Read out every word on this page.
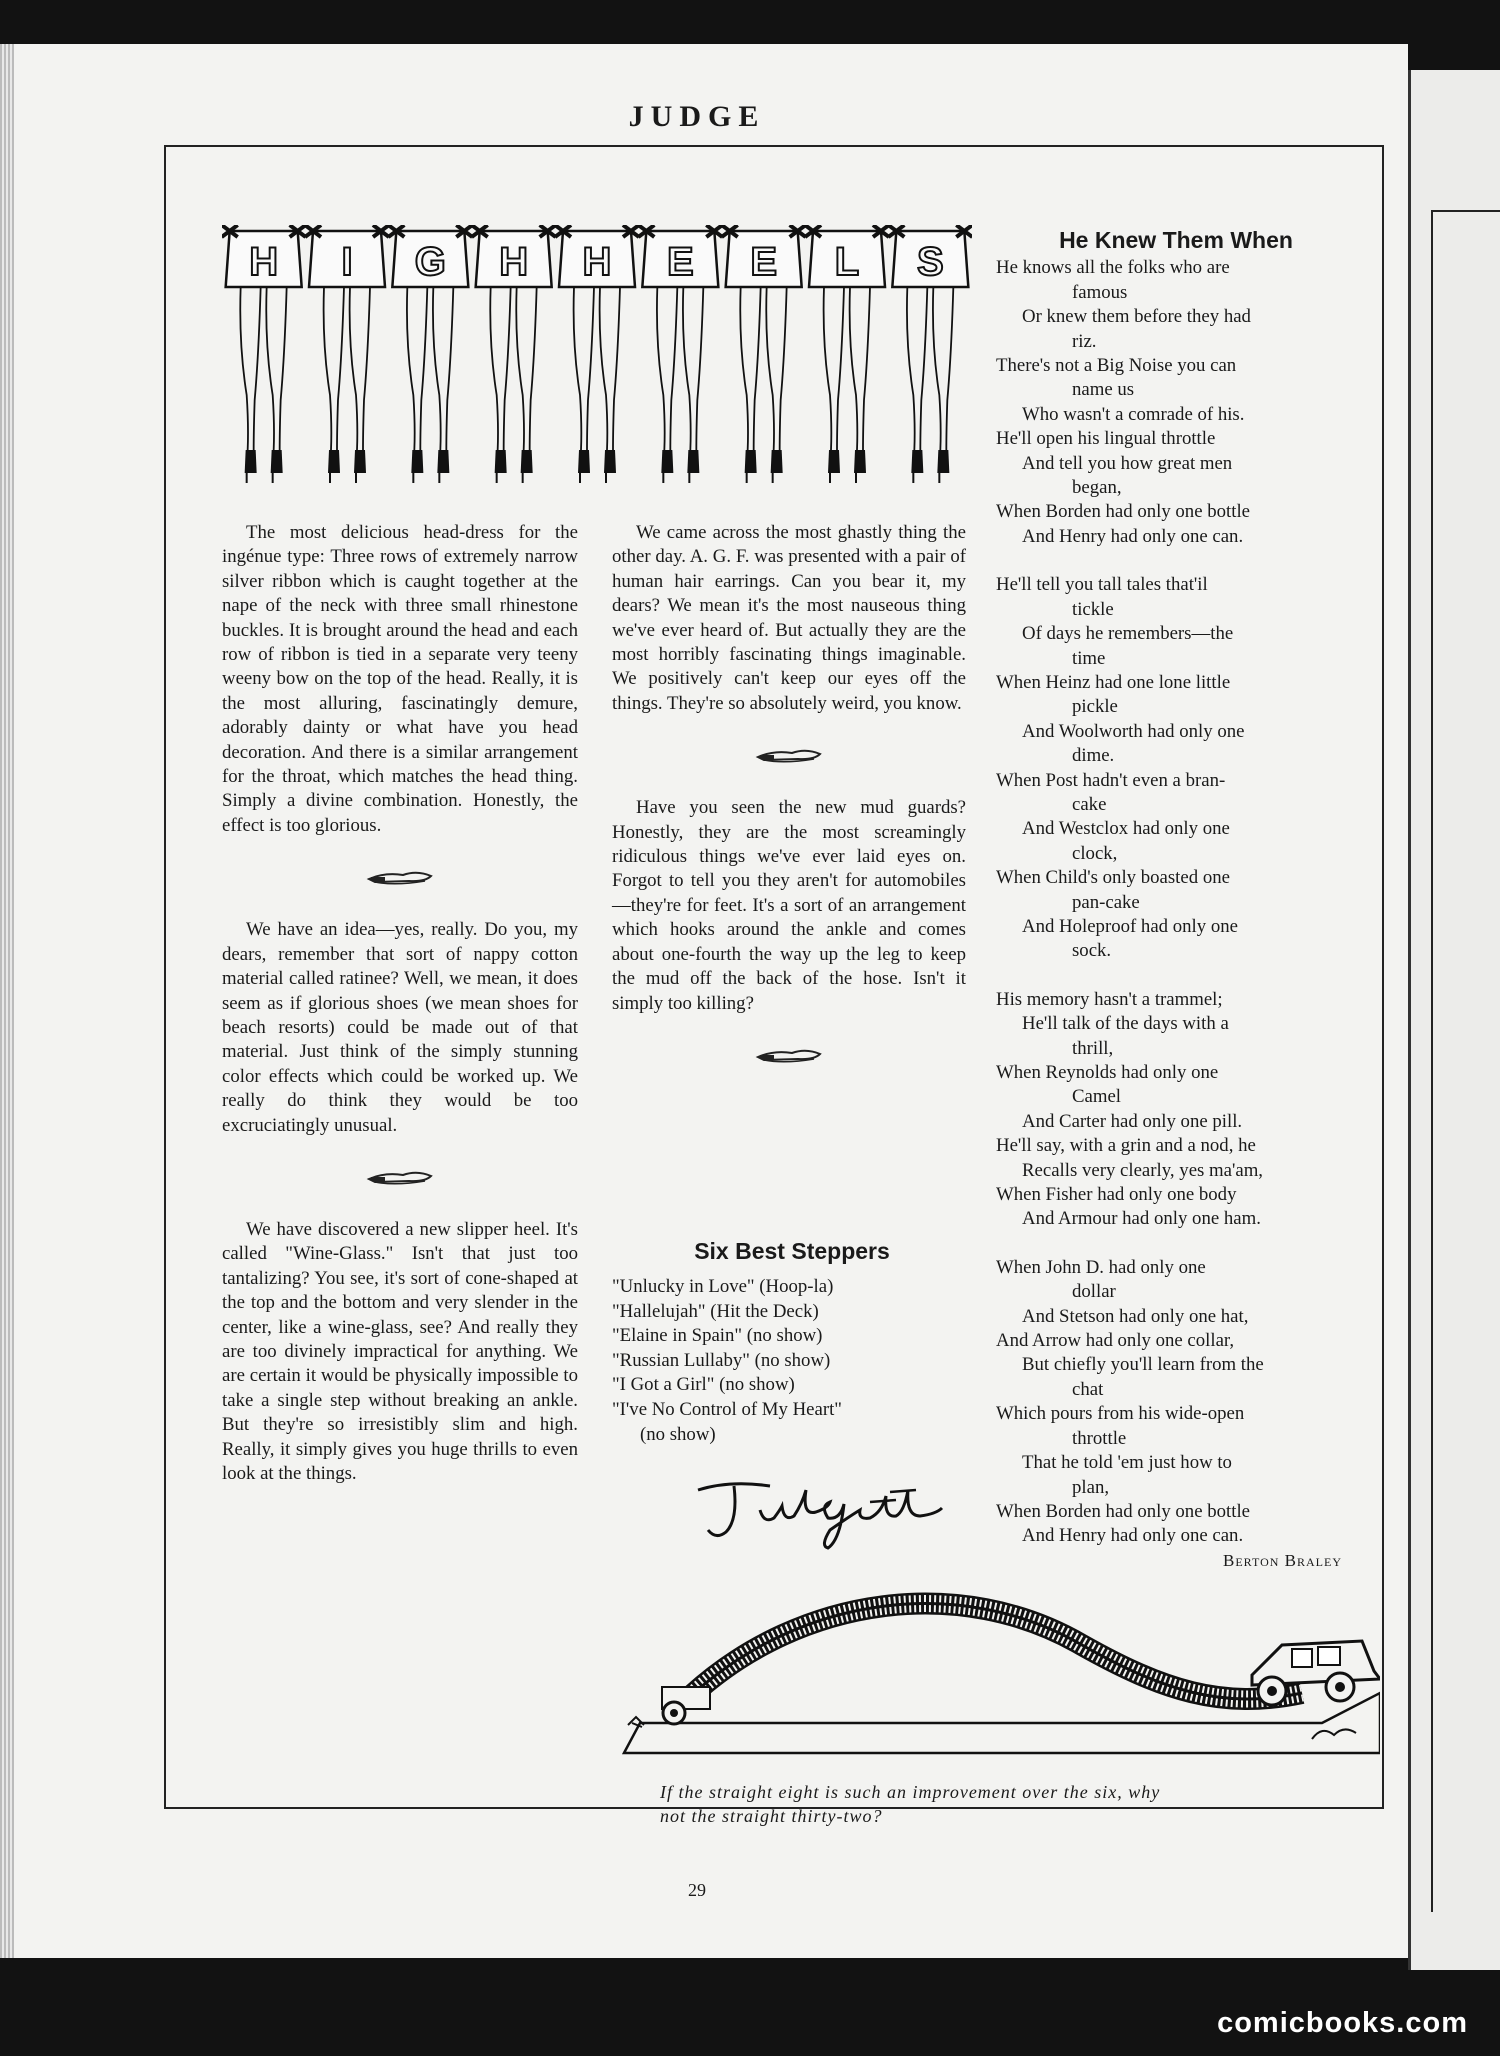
JUDGE
H I G H H E E L S

The most delicious head-dress for the ingénue type: Three rows of extremely narrow silver ribbon which is caught together at the nape of the neck with three small rhinestone buckles. It is brought around the head and each row of ribbon is tied in a separate very teeny weeny bow on the top of the head. Really, it is the most alluring, fascinatingly demure, adorably dainty or what have you head decoration. And there is a similar arrangement for the throat, which matches the head thing. Simply a divine combination. Honestly, the effect is too glorious.

We have an idea—yes, really. Do you, my dears, remember that sort of nappy cotton material called ratinee? Well, we mean, it does seem as if glorious shoes (we mean shoes for beach resorts) could be made out of that material. Just think of the simply stunning color effects which could be worked up. We really do think they would be too excruciatingly unusual.

We have discovered a new slipper heel. It's called "Wine-Glass." Isn't that just too tantalizing? You see, it's sort of cone-shaped at the top and the bottom and very slender in the center, like a wine-glass, see? And really they are too divinely impractical for anything. We are certain it would be physically impossible to take a single step without breaking an ankle. But they're so irresistibly slim and high. Really, it simply gives you huge thrills to even look at the things.

We came across the most ghastly thing the other day. A. G. F. was presented with a pair of human hair earrings. Can you bear it, my dears? We mean it's the most nauseous thing we've ever heard of. But actually they are the most horribly fascinating things imaginable. We positively can't keep our eyes off the things. They're so absolutely weird, you know.

Have you seen the new mud guards? Honestly, they are the most screamingly ridiculous things we've ever laid eyes on. Forgot to tell you they aren't for automobiles—they're for feet. It's a sort of an arrangement which hooks around the ankle and comes about one-fourth the way up the leg to keep the mud off the back of the hose. Isn't it simply too killing?

Six Best Steppers
"Unlucky in Love" (Hoop-la)
"Hallelujah" (Hit the Deck)
"Elaine in Spain" (no show)
"Russian Lullaby" (no show)
"I Got a Girl" (no show)
"I've No Control of My Heart"
(no show)
Judgette
He Knew Them When
He knows all the folks who are
famous
Or knew them before they had
riz.
There's not a Big Noise you can
name us
Who wasn't a comrade of his.
He'll open his lingual throttle
And tell you how great men
began,
When Borden had only one bottle
And Henry had only one can.
He'll tell you tall tales that'il
tickle
Of days he remembers—the
time
When Heinz had one lone little
pickle
And Woolworth had only one
dime.
When Post hadn't even a bran-
cake
And Westclox had only one
clock,
When Child's only boasted one
pan-cake
And Holeproof had only one
sock.
His memory hasn't a trammel;
He'll talk of the days with a
thrill,
When Reynolds had only one
Camel
And Carter had only one pill.
He'll say, with a grin and a nod, he
Recalls very clearly, yes ma'am,
When Fisher had only one body
And Armour had only one ham.
When John D. had only one
dollar
And Stetson had only one hat,
And Arrow had only one collar,
But chiefly you'll learn from the
chat
Which pours from his wide-open
throttle
That he told 'em just how to
plan,
When Borden had only one bottle
And Henry had only one can.
Berton Braley
If the straight eight is such an improvement over the six, why
not the straight thirty-two?
29
comicbooks.com
